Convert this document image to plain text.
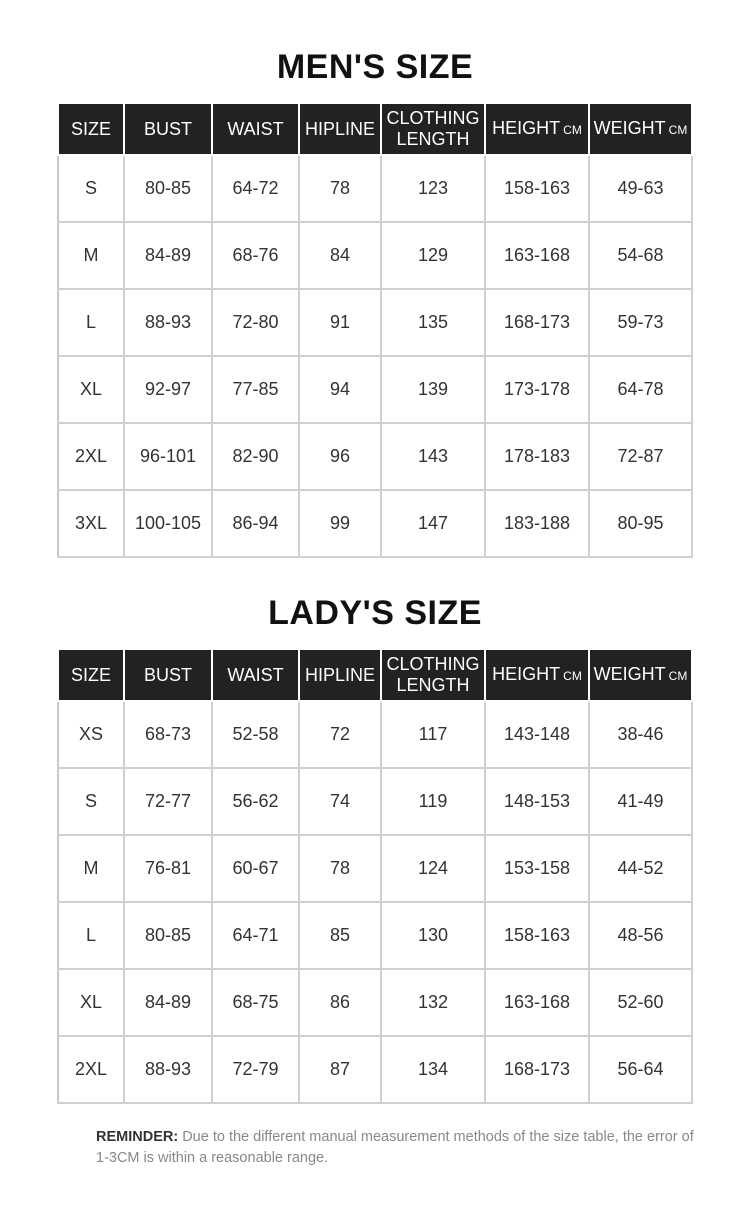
MEN'S SIZE
SIZE	BUST	WAIST	HIPLINE	CLOTHING LENGTH	HEIGHT CM	WEIGHT CM
S	80-85	64-72	78	123	158-163	49-63
M	84-89	68-76	84	129	163-168	54-68
L	88-93	72-80	91	135	168-173	59-73
XL	92-97	77-85	94	139	173-178	64-78
2XL	96-101	82-90	96	143	178-183	72-87
3XL	100-105	86-94	99	147	183-188	80-95
LADY'S SIZE
SIZE	BUST	WAIST	HIPLINE	CLOTHING LENGTH	HEIGHT CM	WEIGHT CM
XS	68-73	52-58	72	117	143-148	38-46
S	72-77	56-62	74	119	148-153	41-49
M	76-81	60-67	78	124	153-158	44-52
L	80-85	64-71	85	130	158-163	48-56
XL	84-89	68-75	86	132	163-168	52-60
2XL	88-93	72-79	87	134	168-173	56-64

REMINDER: Due to the different manual measurement methods of the size table, the error of 1-3CM is within a reasonable range.
